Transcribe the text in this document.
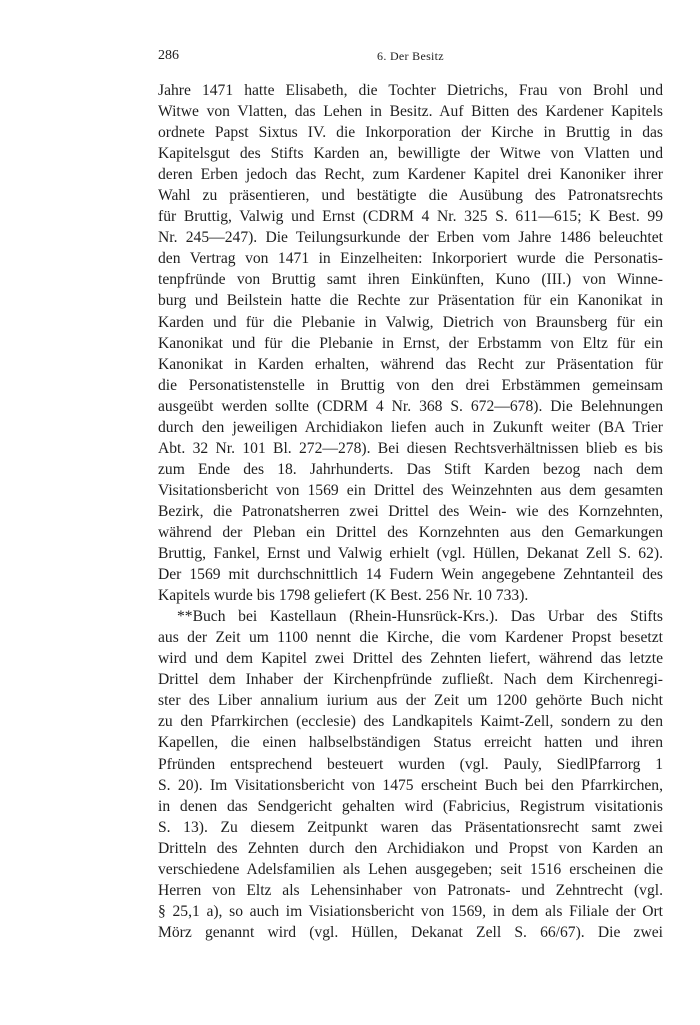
286	6. Der Besitz
Jahre 1471 hatte Elisabeth, die Tochter Dietrichs, Frau von Brohl und
Witwe von Vlatten, das Lehen in Besitz. Auf Bitten des Kardener Kapitels
ordnete Papst Sixtus IV. die Inkorporation der Kirche in Bruttig in das
Kapitelsgut des Stifts Karden an, bewilligte der Witwe von Vlatten und
deren Erben jedoch das Recht, zum Kardener Kapitel drei Kanoniker ihrer
Wahl zu präsentieren, und bestätigte die Ausübung des Patronatsrechts
für Bruttig, Valwig und Ernst (CDRM 4 Nr. 325 S. 611—615; K Best. 99
Nr. 245—247). Die Teilungsurkunde der Erben vom Jahre 1486 beleuchtet
den Vertrag von 1471 in Einzelheiten: Inkorporiert wurde die Personatis-
tenpfründe von Bruttig samt ihren Einkünften, Kuno (III.) von Winne-
burg und Beilstein hatte die Rechte zur Präsentation für ein Kanonikat in
Karden und für die Plebanie in Valwig, Dietrich von Braunsberg für ein
Kanonikat und für die Plebanie in Ernst, der Erbstamm von Eltz für ein
Kanonikat in Karden erhalten, während das Recht zur Präsentation für
die Personatistenstelle in Bruttig von den drei Erbstämmen gemeinsam
ausgeübt werden sollte (CDRM 4 Nr. 368 S. 672—678). Die Belehnungen
durch den jeweiligen Archidiakon liefen auch in Zukunft weiter (BA Trier
Abt. 32 Nr. 101 Bl. 272—278). Bei diesen Rechtsverhältnissen blieb es bis
zum Ende des 18. Jahrhunderts. Das Stift Karden bezog nach dem
Visitationsbericht von 1569 ein Drittel des Weinzehnten aus dem gesamten
Bezirk, die Patronatsherren zwei Drittel des Wein- wie des Kornzehnten,
während der Pleban ein Drittel des Kornzehnten aus den Gemarkungen
Bruttig, Fankel, Ernst und Valwig erhielt (vgl. Hüllen, Dekanat Zell S. 62).
Der 1569 mit durchschnittlich 14 Fudern Wein angegebene Zehntanteil des
Kapitels wurde bis 1798 geliefert (K Best. 256 Nr. 10 733).
**Buch bei Kastellaun (Rhein-Hunsrück-Krs.). Das Urbar des Stifts
aus der Zeit um 1100 nennt die Kirche, die vom Kardener Propst besetzt
wird und dem Kapitel zwei Drittel des Zehnten liefert, während das letzte
Drittel dem Inhaber der Kirchenpfründe zufließt. Nach dem Kirchenregi-
ster des Liber annalium iurium aus der Zeit um 1200 gehörte Buch nicht
zu den Pfarrkirchen (ecclesie) des Landkapitels Kaimt-Zell, sondern zu den
Kapellen, die einen halbselbständigen Status erreicht hatten und ihren
Pfründen entsprechend besteuert wurden (vgl. Pauly, SiedlPfarrorg 1
S. 20). Im Visitationsbericht von 1475 erscheint Buch bei den Pfarrkirchen,
in denen das Sendgericht gehalten wird (Fabricius, Registrum visitationis
S. 13). Zu diesem Zeitpunkt waren das Präsentationsrecht samt zwei
Dritteln des Zehnten durch den Archidiakon und Propst von Karden an
verschiedene Adelsfamilien als Lehen ausgegeben; seit 1516 erscheinen die
Herren von Eltz als Lehensinhaber von Patronats- und Zehntrecht (vgl.
§ 25,1 a), so auch im Visiationsbericht von 1569, in dem als Filiale der Ort
Mörz genannt wird (vgl. Hüllen, Dekanat Zell S. 66/67). Die zwei
